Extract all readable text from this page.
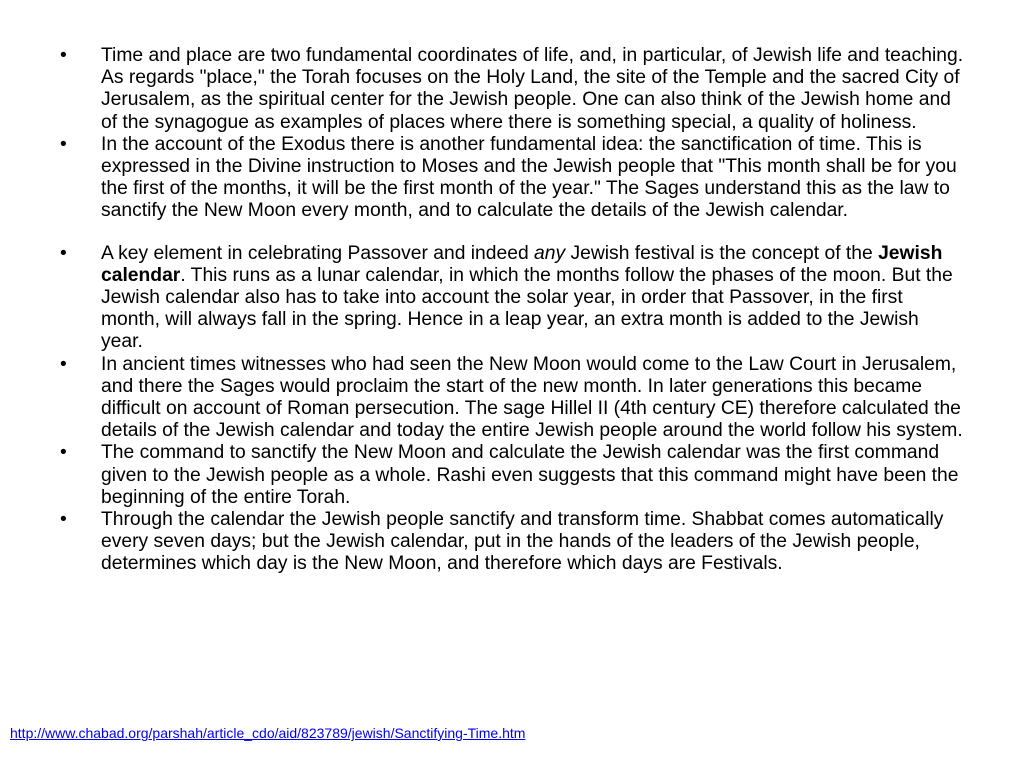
• Time and place are two fundamental coordinates of life, and, in particular, of Jewish life and teaching. As regards "place," the Torah focuses on the Holy Land, the site of the Temple and the sacred City of Jerusalem, as the spiritual center for the Jewish people. One can also think of the Jewish home and of the synagogue as examples of places where there is something special, a quality of holiness.
• In the account of the Exodus there is another fundamental idea: the sanctification of time. This is expressed in the Divine instruction to Moses and the Jewish people that "This month shall be for you the first of the months, it will be the first month of the year." The Sages understand this as the law to sanctify the New Moon every month, and to calculate the details of the Jewish calendar.
• A key element in celebrating Passover and indeed any Jewish festival is the concept of the Jewish calendar. This runs as a lunar calendar, in which the months follow the phases of the moon. But the Jewish calendar also has to take into account the solar year, in order that Passover, in the first month, will always fall in the spring. Hence in a leap year, an extra month is added to the Jewish year.
• In ancient times witnesses who had seen the New Moon would come to the Law Court in Jerusalem, and there the Sages would proclaim the start of the new month. In later generations this became difficult on account of Roman persecution. The sage Hillel II (4th century CE) therefore calculated the details of the Jewish calendar and today the entire Jewish people around the world follow his system.
• The command to sanctify the New Moon and calculate the Jewish calendar was the first command given to the Jewish people as a whole. Rashi even suggests that this command might have been the beginning of the entire Torah.
• Through the calendar the Jewish people sanctify and transform time. Shabbat comes automatically every seven days; but the Jewish calendar, put in the hands of the leaders of the Jewish people, determines which day is the New Moon, and therefore which days are Festivals.
http://www.chabad.org/parshah/article_cdo/aid/823789/jewish/Sanctifying-Time.htm
